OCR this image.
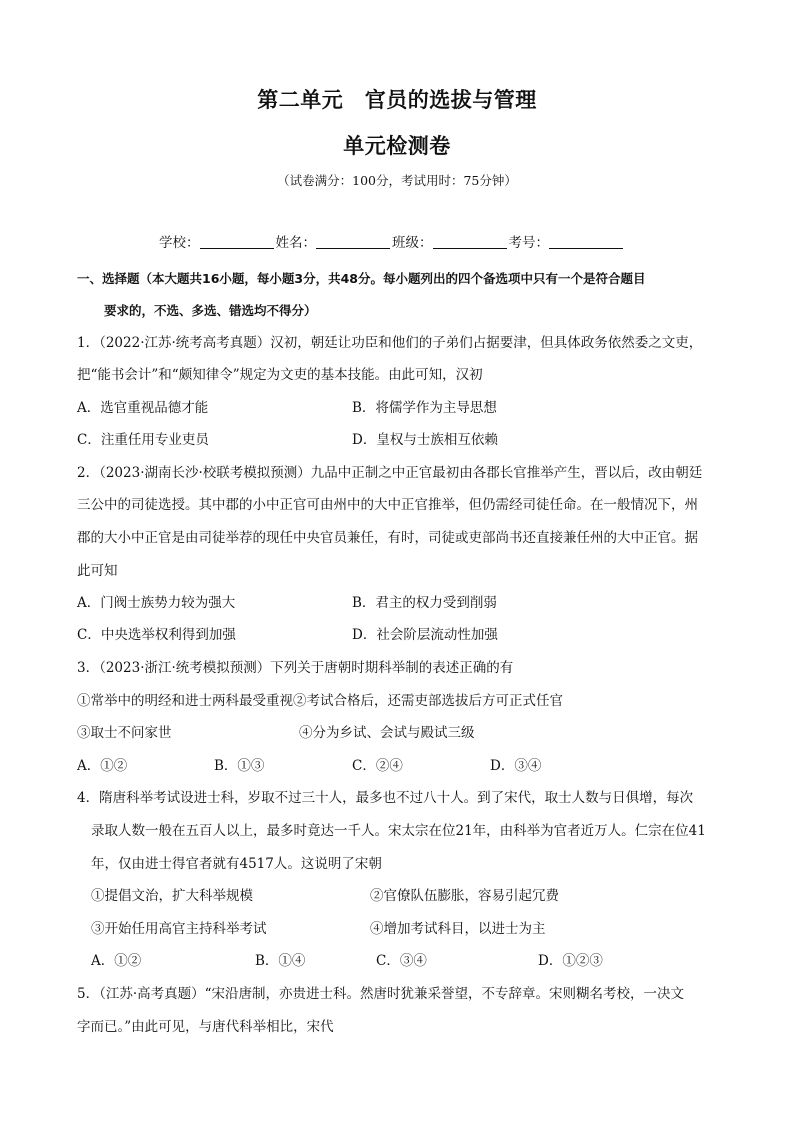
第二单元　官员的选拔与管理
单元检测卷
（试卷满分：100分，考试用时：75分钟）
学校：	姓名：	班级：	考号：
一、选择题（本大题共16小题，每小题3分，共48分。每小题列出的四个备选项中只有一个是符合题目
要求的，不选、多选、错选均不得分）
1．（2022·江苏·统考高考真题）汉初，朝廷让功臣和他们的子弟们占据要津，但具体政务依然委之文吏，
把“能书会计”和“颇知律令”规定为文吏的基本技能。由此可知，汉初
A．选官重视品德才能	B．将儒学作为主导思想
C．注重任用专业吏员	D．皇权与士族相互依赖
2．（2023·湖南长沙·校联考模拟预测）九品中正制之中正官最初由各郡长官推举产生，晋以后，改由朝廷
三公中的司徒选授。其中郡的小中正官可由州中的大中正官推举，但仍需经司徒任命。在一般情况下，州
郡的大小中正官是由司徒举荐的现任中央官员兼任，有时，司徒或吏部尚书还直接兼任州的大中正官。据
此可知
A．门阀士族势力较为强大	B．君主的权力受到削弱
C．中央选举权利得到加强	D．社会阶层流动性加强
3．（2023·浙江·统考模拟预测）下列关于唐朝时期科举制的表述正确的有
①常举中的明经和进士两科最受重视②考试合格后，还需吏部选拔后方可正式任官
③取士不问家世	④分为乡试、会试与殿试三级
A．①②	B．①③	C．②④	D．③④
4．隋唐科举考试设进士科，岁取不过三十人，最多也不过八十人。到了宋代，取士人数与日俱增，每次
录取人数一般在五百人以上，最多时竟达一千人。宋太宗在位21年，由科举为官者近万人。仁宗在位41
年，仅由进士得官者就有4517人。这说明了宋朝
①提倡文治，扩大科举规模	②官僚队伍膨胀，容易引起冗费
③开始任用高官主持科举考试	④增加考试科目，以进士为主
A．①②	B．①④	C．③④	D．①②③
5．（江苏·高考真题）“宋沿唐制，亦贵进士科。然唐时犹兼采誉望，不专辞章。宋则糊名考校，一决文
字而已。”由此可见，与唐代科举相比，宋代
